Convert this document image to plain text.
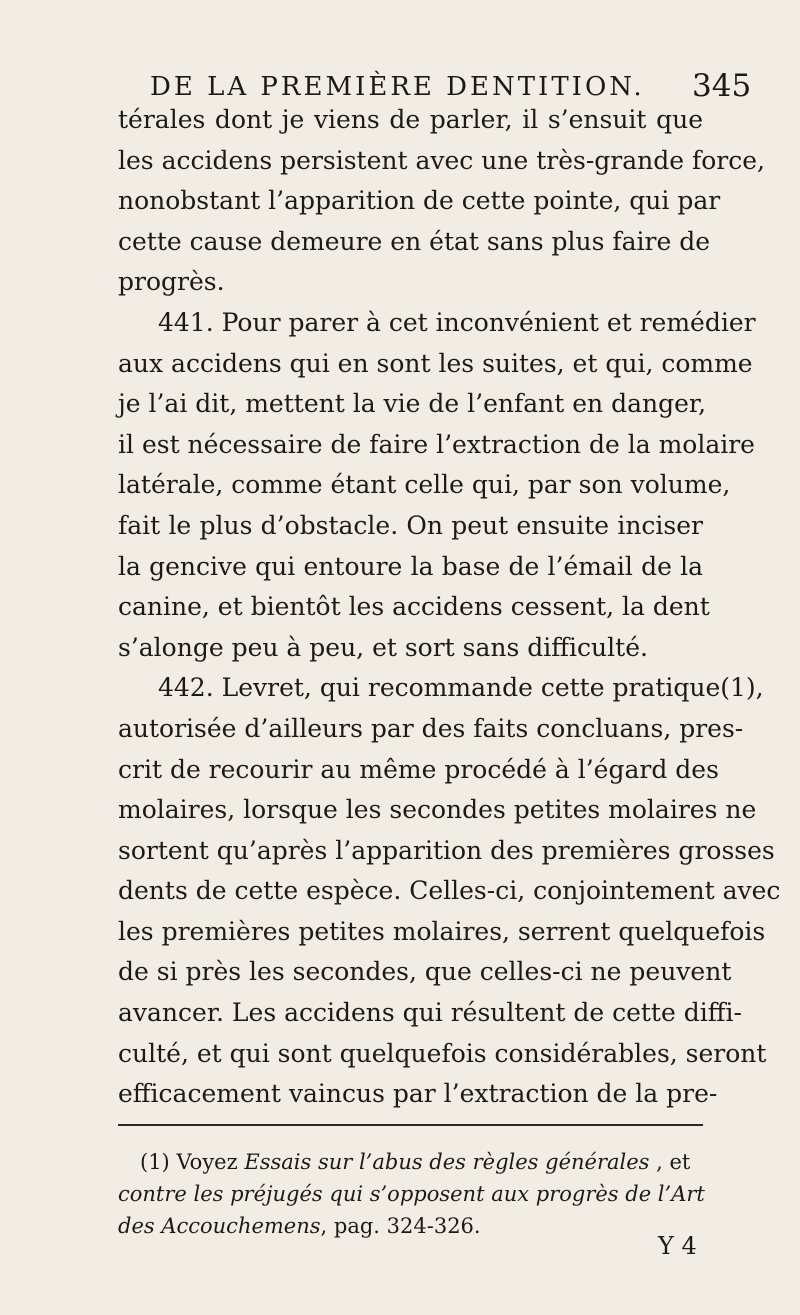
DE LA PREMIÈRE DENTITION.	345
térales dont je viens de parler, il s’ensuit que
les accidens persistent avec une très-grande force,
nonobstant l’apparition de cette pointe, qui par
cette cause demeure en état sans plus faire de
progrès.
441. Pour parer à cet inconvénient et remédier
aux accidens qui en sont les suites, et qui, comme
je l’ai dit, mettent la vie de l’enfant en danger,
il est nécessaire de faire l’extraction de la molaire
latérale, comme étant celle qui, par son volume,
fait le plus d’obstacle. On peut ensuite inciser
la gencive qui entoure la base de l’émail de la
canine, et bientôt les accidens cessent, la dent
s’alonge peu à peu, et sort sans difficulté.
442. Levret, qui recommande cette pratique(1),
autorisée d’ailleurs par des faits concluans, pres-
crit de recourir au même procédé à l’égard des
molaires, lorsque les secondes petites molaires ne
sortent qu’après l’apparition des premières grosses
dents de cette espèce. Celles-ci, conjointement avec
les premières petites molaires, serrent quelquefois
de si près les secondes, que celles-ci ne peuvent
avancer. Les accidens qui résultent de cette diffi-
culté, et qui sont quelquefois considérables, seront
efficacement vaincus par l’extraction de la pre-
(1) Voyez Essais sur l’abus des règles générales , et
contre les préjugés qui s’opposent aux progrès de l’Art
des Accouchemens, pag. 324-326.
Y 4
